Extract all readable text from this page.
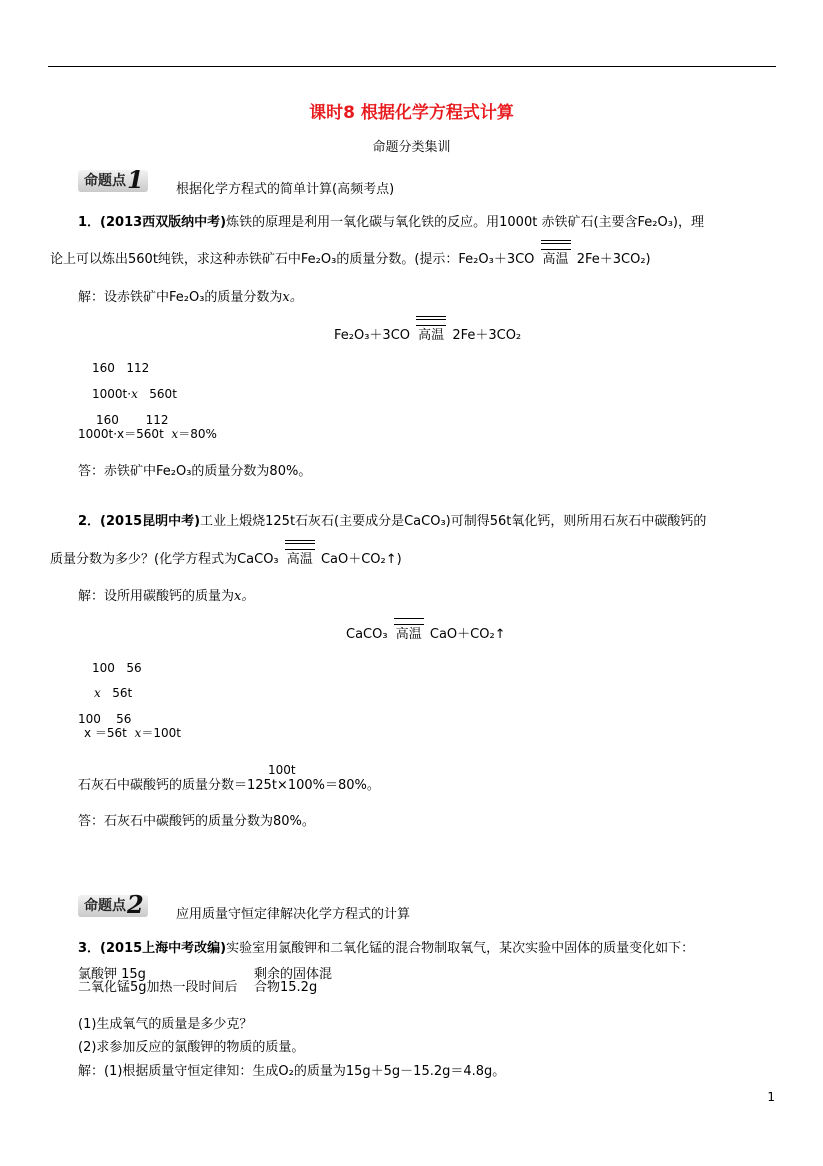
课时8 根据化学方程式计算
命题分类集训
命题点 1 根据化学方程式的简单计算(高频考点)
1．(2013西双版纳中考)炼铁的原理是利用一氧化碳与氧化铁的反应。用1000t 赤铁矿石(主要含Fe₂O₃)，理
论上可以炼出560t纯铁，求这种赤铁矿石中Fe₂O₃的质量分数。(提示：Fe₂O₃＋3CO 高温 2Fe＋3CO₂)
解：设赤铁矿中Fe₂O₃的质量分数为x。
Fe₂O₃＋3CO 高温 2Fe＋3CO₂
160   112
1000t·x   560t
160       112
1000t·x＝560t  x＝80%
答：赤铁矿中Fe₂O₃的质量分数为80%。
2．(2015昆明中考)工业上煅烧125t石灰石(主要成分是CaCO₃)可制得56t氧化钙，则所用石灰石中碳酸钙的
质量分数为多少？(化学方程式为CaCO₃ 高温 CaO＋CO₂↑)
解：设所用碳酸钙的质量为x。
CaCO₃ 高温 CaO＋CO₂↑
100   56
x   56t
100    56
x ＝56t  x＝100t
100t
石灰石中碳酸钙的质量分数＝125t×100%＝80%。
答：石灰石中碳酸钙的质量分数为80%。
命题点 2 应用质量守恒定律解决化学方程式的计算
3．(2015上海中考改编)实验室用氯酸钾和二氧化锰的混合物制取氧气，某次实验中固体的质量变化如下：
氯酸钾 15g	剩余的固体混
二氧化锰5g加热一段时间后 合物15.2g
(1)生成氧气的质量是多少克？
(2)求参加反应的氯酸钾的物质的质量。
解：(1)根据质量守恒定律知：生成O₂的质量为15g＋5g－15.2g＝4.8g。
1
